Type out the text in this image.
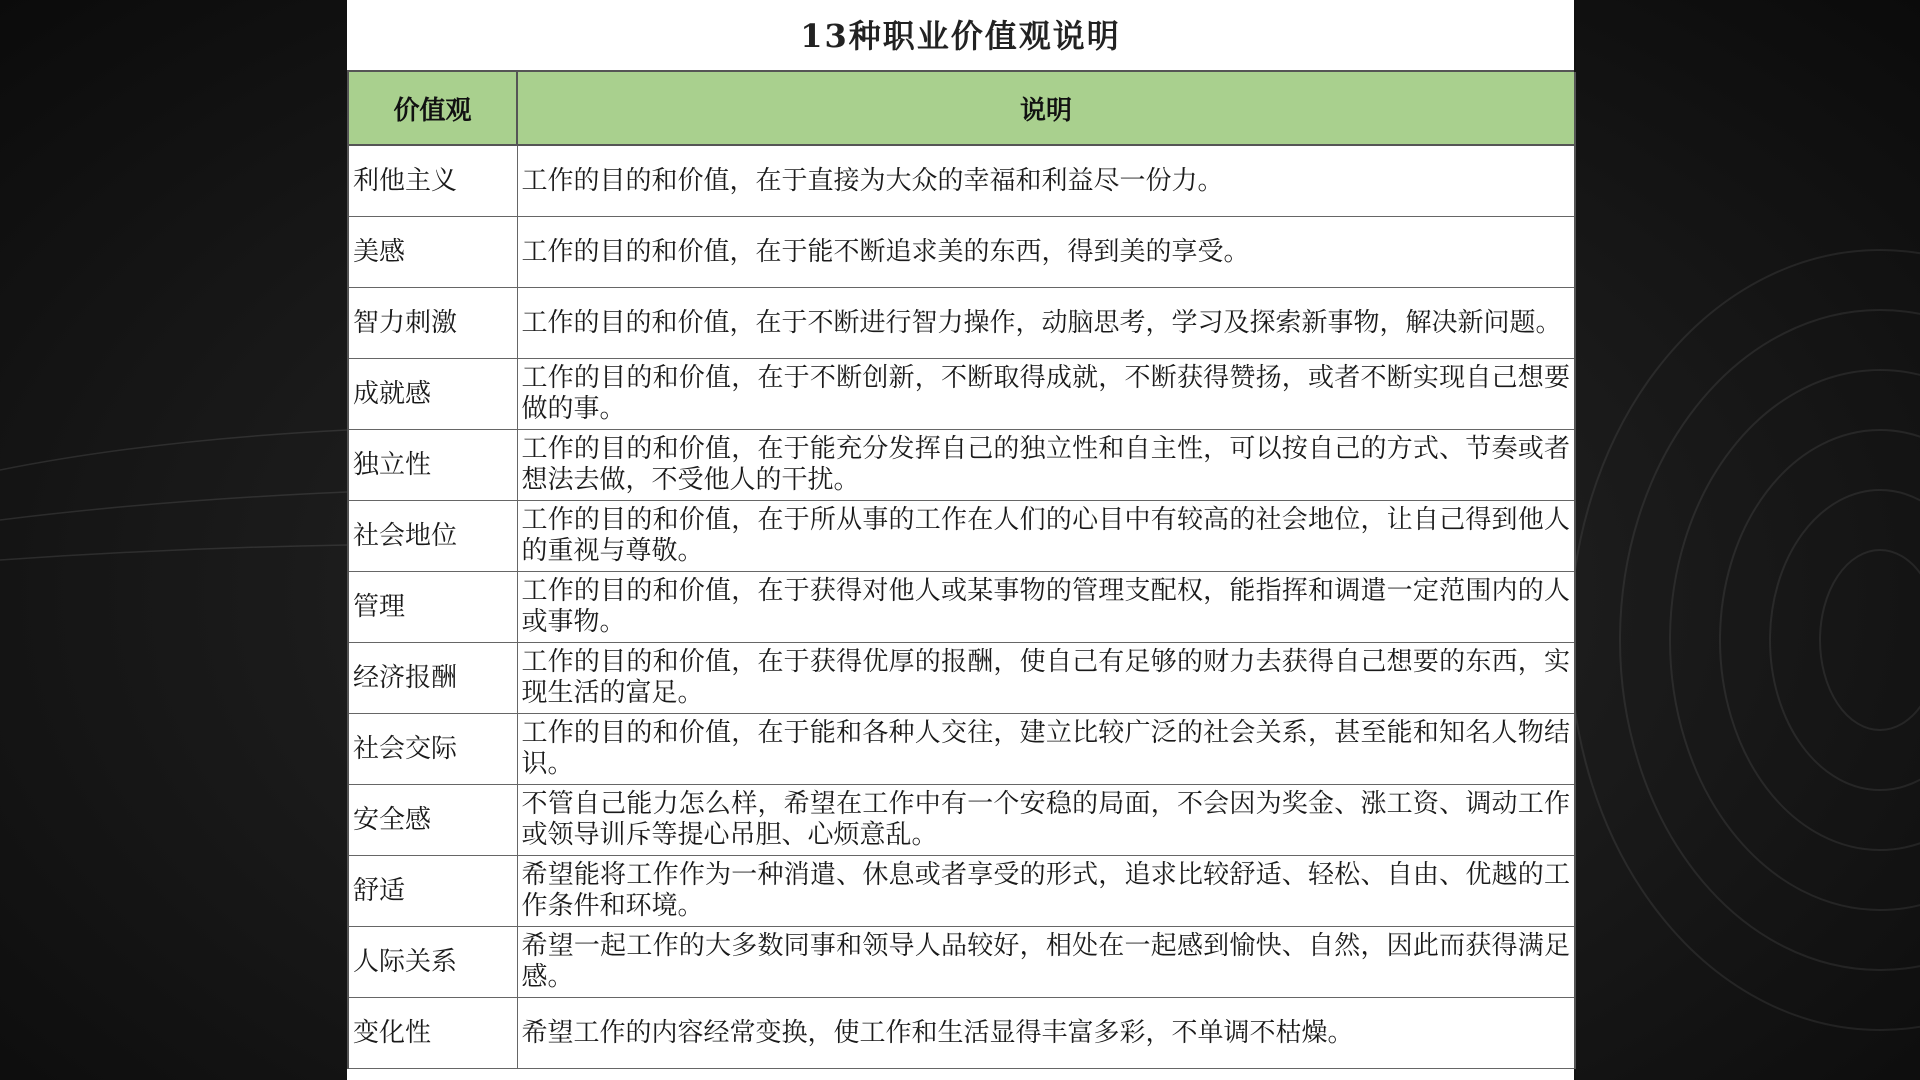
13种职业价值观说明
价值观	说明
利他主义	工作的目的和价值，在于直接为大众的幸福和利益尽一份力。
美感	工作的目的和价值，在于能不断追求美的东西，得到美的享受。
智力刺激	工作的目的和价值，在于不断进行智力操作，动脑思考，学习及探索新事物，解决新问题。
成就感	工作的目的和价值，在于不断创新，不断取得成就，不断获得赞扬，或者不断实现自己想要做的事。
独立性	工作的目的和价值，在于能充分发挥自己的独立性和自主性，可以按自己的方式、节奏或者想法去做，不受他人的干扰。
社会地位	工作的目的和价值，在于所从事的工作在人们的心目中有较高的社会地位，让自己得到他人的重视与尊敬。
管理	工作的目的和价值，在于获得对他人或某事物的管理支配权，能指挥和调遣一定范围内的人或事物。
经济报酬	工作的目的和价值，在于获得优厚的报酬，使自己有足够的财力去获得自己想要的东西，实现生活的富足。
社会交际	工作的目的和价值，在于能和各种人交往，建立比较广泛的社会关系，甚至能和知名人物结识。
安全感	不管自己能力怎么样，希望在工作中有一个安稳的局面，不会因为奖金、涨工资、调动工作或领导训斥等提心吊胆、心烦意乱。
舒适	希望能将工作作为一种消遣、休息或者享受的形式，追求比较舒适、轻松、自由、优越的工作条件和环境。
人际关系	希望一起工作的大多数同事和领导人品较好，相处在一起感到愉快、自然，因此而获得满足感。
变化性	希望工作的内容经常变换，使工作和生活显得丰富多彩，不单调不枯燥。
